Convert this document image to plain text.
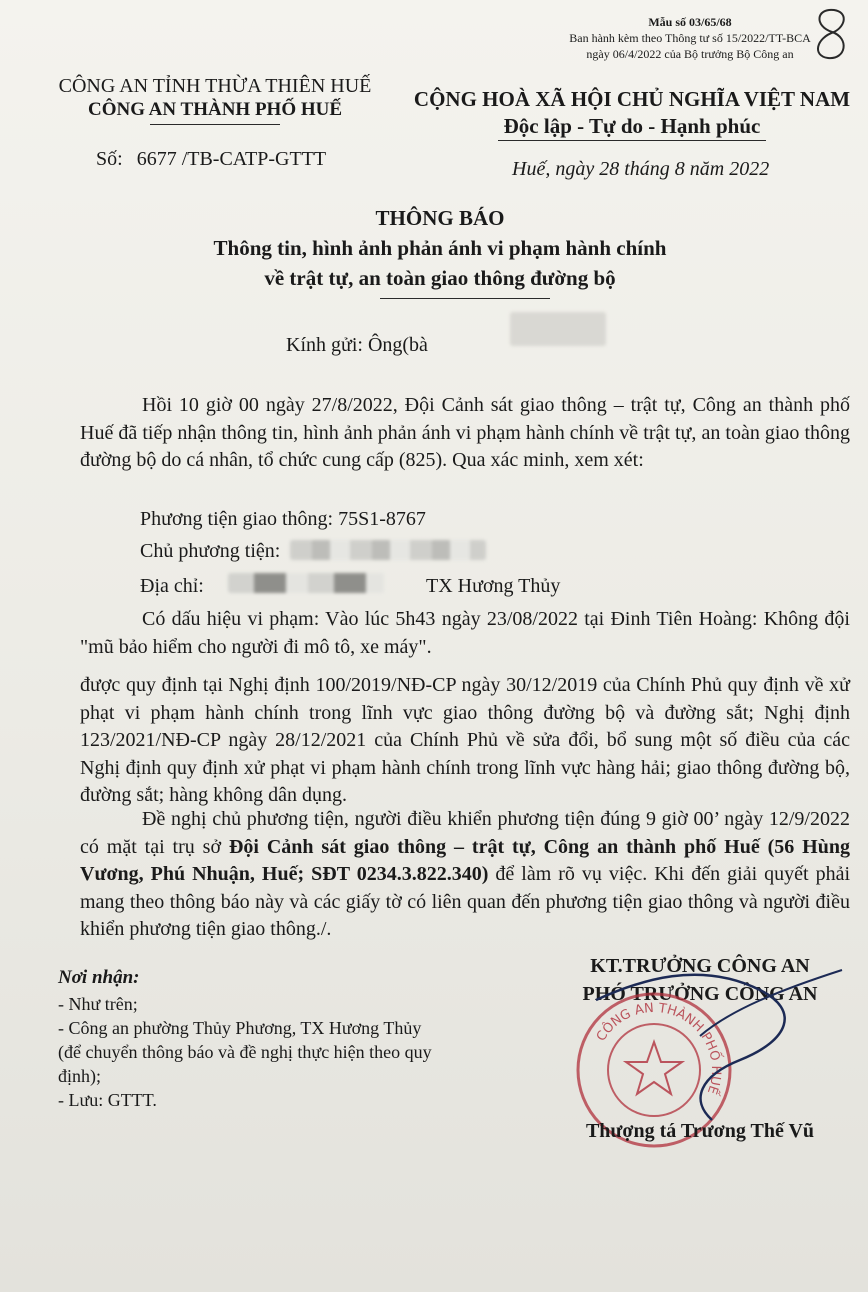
Mẫu số 03/65/68
Ban hành kèm theo Thông tư số 15/2022/TT-BCA
ngày 06/4/2022 của Bộ trưởng Bộ Công an
CÔNG AN TỈNH THỪA THIÊN HUẾ
CÔNG AN THÀNH PHỐ HUẾ	CỘNG HOÀ XÃ HỘI CHỦ NGHĨA VIỆT NAM
Độc lập - Tự do - Hạnh phúc
Số: 6677 /TB-CATP-GTTT	Huế, ngày 28 tháng 8 năm 2022
THÔNG BÁO
Thông tin, hình ảnh phản ánh vi phạm hành chính
về trật tự, an toàn giao thông đường bộ
Kính gửi: Ông(bà
Hồi 10 giờ 00 ngày 27/8/2022, Đội Cảnh sát giao thông – trật tự, Công an thành phố Huế đã tiếp nhận thông tin, hình ảnh phản ánh vi phạm hành chính về trật tự, an toàn giao thông đường bộ do cá nhân, tổ chức cung cấp (825). Qua xác minh, xem xét:
Phương tiện giao thông: 75S1-8767
Chủ phương tiện:
Địa chỉ:	TX Hương Thủy
Có dấu hiệu vi phạm: Vào lúc 5h43 ngày 23/08/2022 tại Đinh Tiên Hoàng: Không đội "mũ bảo hiểm cho người đi mô tô, xe máy".
được quy định tại Nghị định 100/2019/NĐ-CP ngày 30/12/2019 của Chính Phủ quy định về xử phạt vi phạm hành chính trong lĩnh vực giao thông đường bộ và đường sắt; Nghị định 123/2021/NĐ-CP ngày 28/12/2021 của Chính Phủ về sửa đổi, bổ sung một số điều của các Nghị định quy định xử phạt vi phạm hành chính trong lĩnh vực hàng hải; giao thông đường bộ, đường sắt; hàng không dân dụng.
Đề nghị chủ phương tiện, người điều khiển phương tiện đúng 9 giờ 00’ ngày 12/9/2022 có mặt tại trụ sở Đội Cảnh sát giao thông – trật tự, Công an thành phố Huế (56 Hùng Vương, Phú Nhuận, Huế; SĐT 0234.3.822.340) để làm rõ vụ việc. Khi đến giải quyết phải mang theo thông báo này và các giấy tờ có liên quan đến phương tiện giao thông và người điều khiển phương tiện giao thông./.
Nơi nhận:
- Như trên;
- Công an phường Thủy Phương, TX Hương Thủy
(để chuyển thông báo và đề nghị thực hiện theo quy
định);
- Lưu: GTTT.
KT.TRƯỞNG CÔNG AN
PHÓ TRƯỞNG CÔNG AN
CÔNG AN THÀNH PHỐ HUẾ
Thượng tá Trương Thế Vũ
